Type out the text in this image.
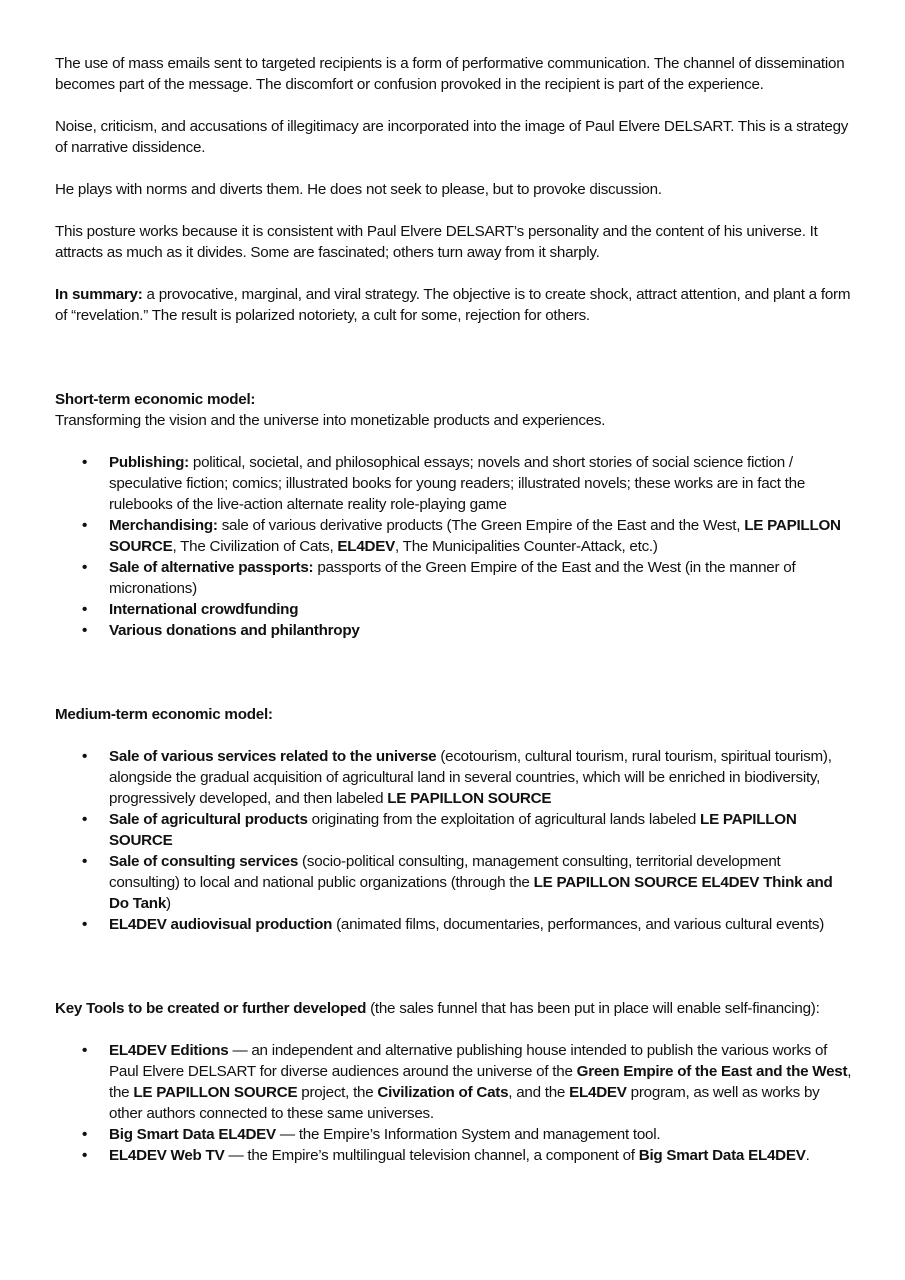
The use of mass emails sent to targeted recipients is a form of performative communication. The channel of dissemination becomes part of the message. The discomfort or confusion provoked in the recipient is part of the experience.

Noise, criticism, and accusations of illegitimacy are incorporated into the image of Paul Elvere DELSART. This is a strategy of narrative dissidence.

He plays with norms and diverts them. He does not seek to please, but to provoke discussion.

This posture works because it is consistent with Paul Elvere DELSART’s personality and the content of his universe. It attracts as much as it divides. Some are fascinated; others turn away from it sharply.

In summary: a provocative, marginal, and viral strategy. The objective is to create shock, attract attention, and plant a form of “revelation.” The result is polarized notoriety, a cult for some, rejection for others.

Short-term economic model:

Transforming the vision and the universe into monetizable products and experiences.

• Publishing: political, societal, and philosophical essays; novels and short stories of social science fiction / speculative fiction; comics; illustrated books for young readers; illustrated novels; these works are in fact the rulebooks of the live-action alternate reality role-playing game
• Merchandising: sale of various derivative products (The Green Empire of the East and the West, LE PAPILLON SOURCE, The Civilization of Cats, EL4DEV, The Municipalities Counter-Attack, etc.)
• Sale of alternative passports: passports of the Green Empire of the East and the West (in the manner of micronations)
• International crowdfunding
• Various donations and philanthropy

Medium-term economic model:

• Sale of various services related to the universe (ecotourism, cultural tourism, rural tourism, spiritual tourism), alongside the gradual acquisition of agricultural land in several countries, which will be enriched in biodiversity, progressively developed, and then labeled LE PAPILLON SOURCE
• Sale of agricultural products originating from the exploitation of agricultural lands labeled LE PAPILLON SOURCE
• Sale of consulting services (socio-political consulting, management consulting, territorial development consulting) to local and national public organizations (through the LE PAPILLON SOURCE EL4DEV Think and Do Tank)
• EL4DEV audiovisual production (animated films, documentaries, performances, and various cultural events)

Key Tools to be created or further developed (the sales funnel that has been put in place will enable self-financing):

• EL4DEV Editions — an independent and alternative publishing house intended to publish the various works of Paul Elvere DELSART for diverse audiences around the universe of the Green Empire of the East and the West, the LE PAPILLON SOURCE project, the Civilization of Cats, and the EL4DEV program, as well as works by other authors connected to these same universes.
• Big Smart Data EL4DEV — the Empire’s Information System and management tool.
• EL4DEV Web TV — the Empire’s multilingual television channel, a component of Big Smart Data EL4DEV.
